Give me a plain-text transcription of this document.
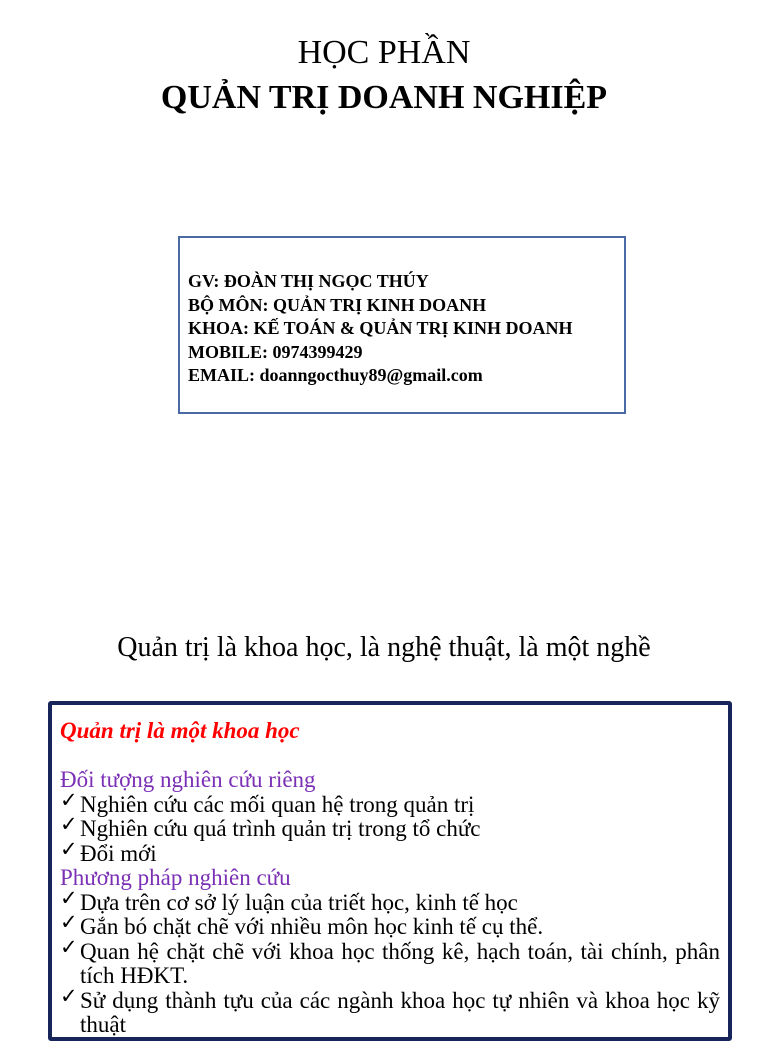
HỌC PHẦN
QUẢN TRỊ DOANH NGHIỆP
GV: ĐOÀN THỊ NGỌC THÚY
BỘ MÔN: QUẢN TRỊ KINH DOANH
KHOA: KẾ TOÁN & QUẢN TRỊ KINH DOANH
MOBILE: 0974399429
EMAIL: doanngocthuy89@gmail.com
Quản trị là khoa học, là nghệ thuật, là một nghề
Quản trị là một khoa học
Đối tượng nghiên cứu riêng
✓ Nghiên cứu các mối quan hệ trong quản trị
✓ Nghiên cứu quá trình quản trị trong tổ chức
✓ Đổi mới
Phương pháp nghiên cứu
✓ Dựa trên cơ sở lý luận của triết học, kinh tế học
✓ Gắn bó chặt chẽ với nhiều môn học kinh tế cụ thể.
✓ Quan hệ chặt chẽ với khoa học thống kê, hạch toán, tài chính, phân tích HĐKT.
✓ Sử dụng thành tựu của các ngành khoa học tự nhiên và khoa học kỹ thuật
